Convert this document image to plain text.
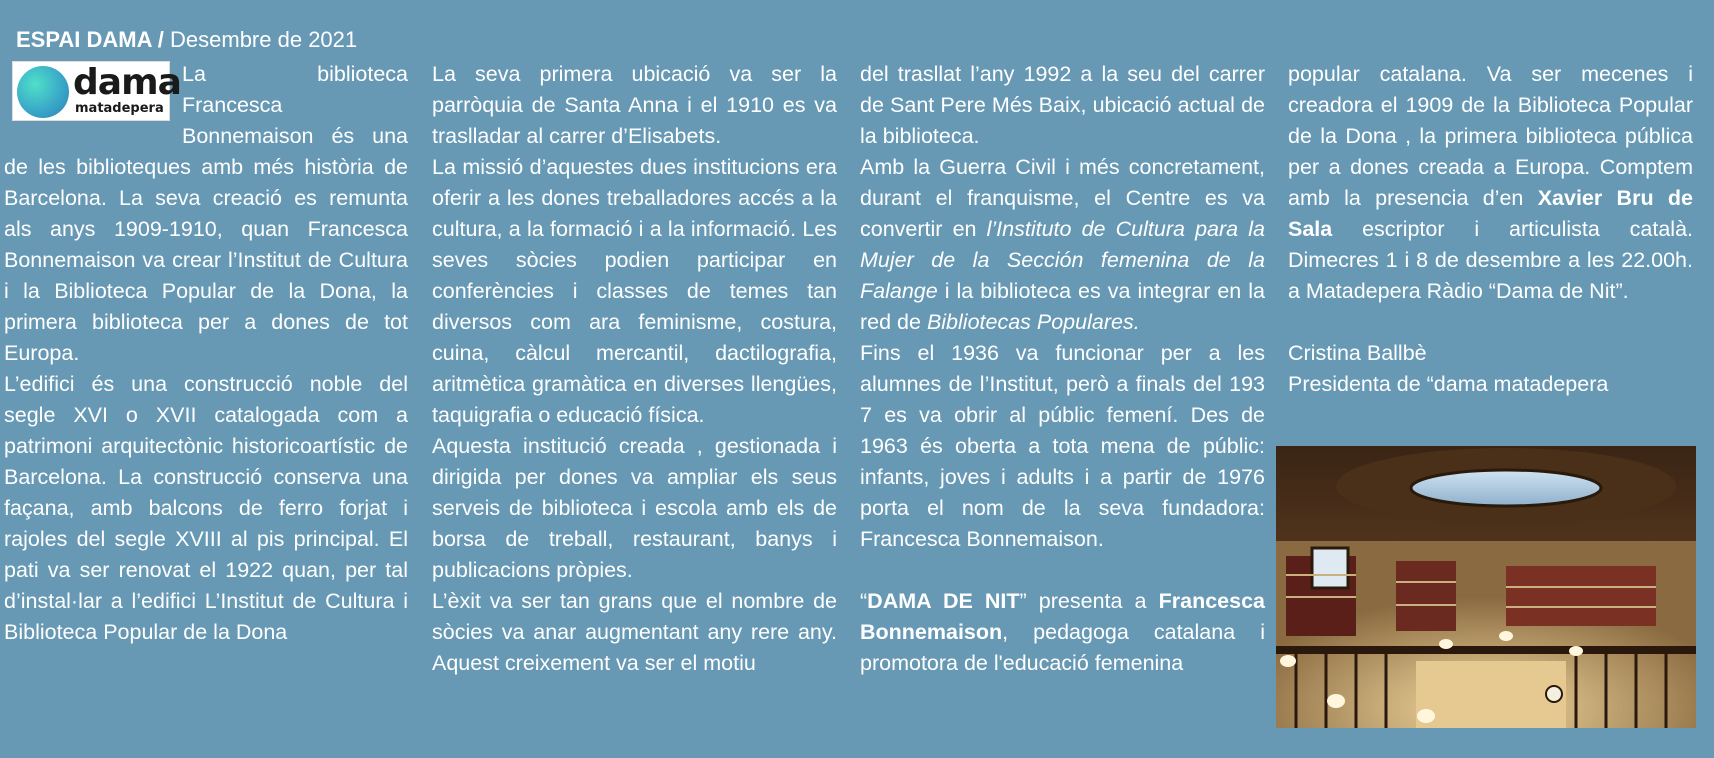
ESPAI DAMA / Desembre de 2021
dama
matadepera

La biblioteca Francesca Bonnemaison és una de les biblioteques amb més història de Barcelona. La seva creació es remunta als anys 1909-1910, quan Francesca Bonnemaison va crear l’Institut de Cultura i la Biblioteca Popular de la Dona, la primera biblioteca per a dones de tot Europa.

L’edifici és una construcció noble del segle XVI o XVII catalogada com a patrimoni arquitectònic historicoartístic de Barcelona. La construcció conserva una façana, amb balcons de ferro forjat i rajoles del segle XVIII al pis principal. El pati va ser renovat el 1922 quan, per tal d’instal·lar a l’edifici L’Institut de Cultura i Biblioteca Popular de la Dona

La seva primera ubicació va ser la parròquia de Santa Anna i el 1910 es va traslladar al carrer d’Elisabets.

La missió d’aquestes dues institucions era oferir a les dones treballadores accés a la cultura, a la formació i a la informació. Les seves sòcies podien participar en conferències i classes de temes tan diversos com ara feminisme, costura, cuina, càlcul mercantil, dactilografia, aritmètica gramàtica en diverses llengües, taquigrafia o educació física.

Aquesta institució creada , gestionada i dirigida per dones va ampliar els seus serveis de biblioteca i escola amb els de borsa de treball, restaurant, banys i publicacions pròpies.

L’èxit va ser tan grans que el nombre de sòcies va anar augmentant any rere any. Aquest creixement va ser el motiu

del trasllat l’any 1992 a la seu del carrer de Sant Pere Més Baix, ubicació actual de la biblioteca.

Amb la Guerra Civil i més concretament, durant el franquisme, el Centre es va convertir en l’Instituto de Cultura para la Mujer de la Sección femenina de la Falange i la biblioteca es va integrar en la red de Bibliotecas Populares.

Fins el 1936 va funcionar per a les alumnes de l’Institut, però a finals del 193 7 es va obrir al públic femení. Des de 1963 és oberta a tota mena de públic: infants, joves i adults i a partir de 1976 porta el nom de la seva fundadora: Francesca Bonnemaison.

“DAMA DE NIT” presenta a Francesca Bonnemaison, pedagoga catalana i promotora de l'educació femenina

popular catalana. Va ser mecenes i creadora el 1909 de la Biblioteca Popular de la Dona , la primera biblioteca pública per a dones creada a Europa. Comptem amb la presencia d’en Xavier Bru de Sala escriptor i articulista català. Dimecres 1 i 8 de desembre a les 22.00h. a Matadepera Ràdio “Dama de Nit”.

Cristina Ballbè

Presidenta de “dama matadepera
